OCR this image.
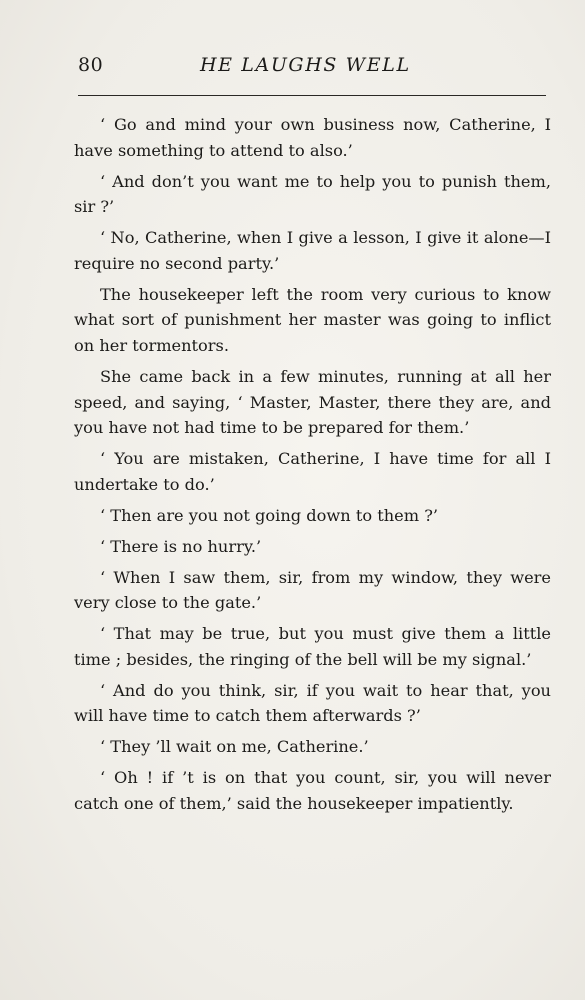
80	HE LAUGHS WELL

‘ Go and mind your own business now, Catherine, I have something to attend to also.’

‘ And don’t you want me to help you to punish them, sir ?’

‘ No, Catherine, when I give a lesson, I give it alone—I require no second party.’

The housekeeper left the room very curious to know what sort of punishment her master was going to inflict on her tormentors.

She came back in a few minutes, running at all her speed, and saying, ‘ Master, Master, there they are, and you have not had time to be prepared for them.’

‘ You are mistaken, Catherine, I have time for all I undertake to do.’

‘ Then are you not going down to them ?’

‘ There is no hurry.’

‘ When I saw them, sir, from my window, they were very close to the gate.’

‘ That may be true, but you must give them a little time ; besides, the ringing of the bell will be my signal.’

‘ And do you think, sir, if you wait to hear that, you will have time to catch them afterwards ?’

‘ They ’ll wait on me, Catherine.’

‘ Oh ! if ’t is on that you count, sir, you will never catch one of them,’ said the housekeeper impatiently.
